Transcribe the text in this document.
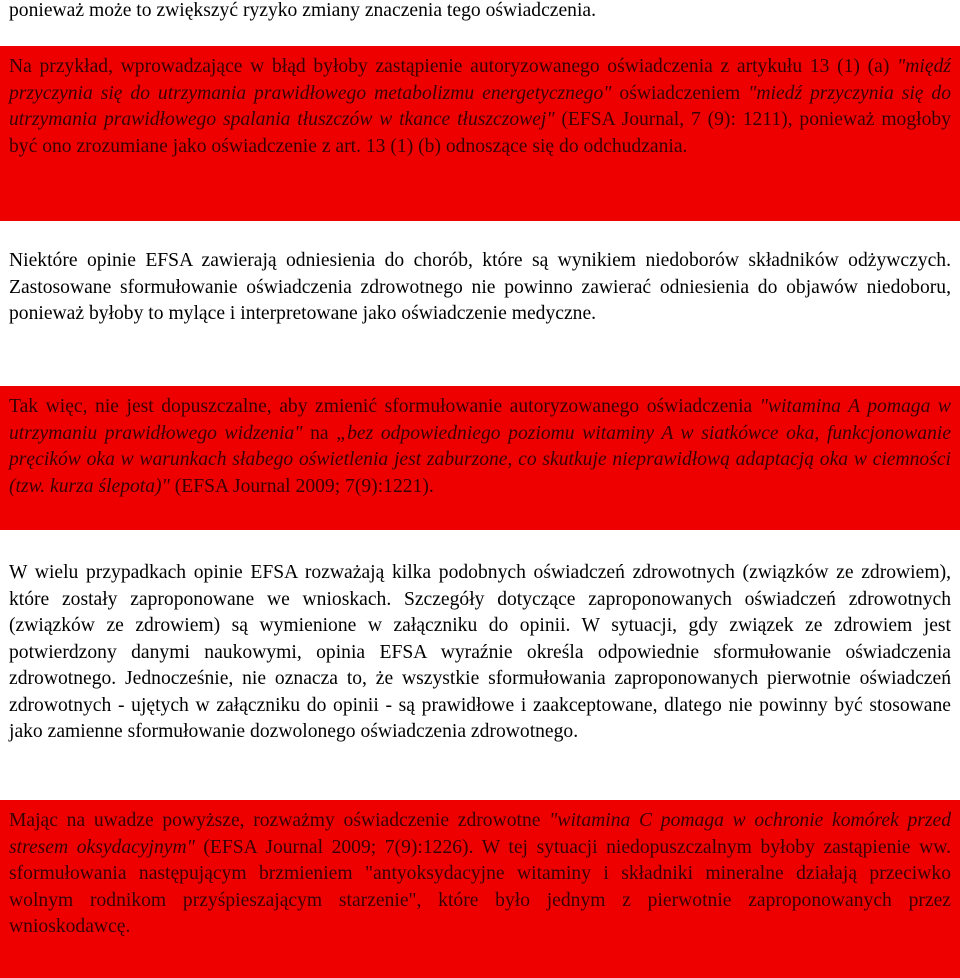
ponieważ może to zwiększyć ryzyko zmiany znaczenia tego oświadczenia.
Na przykład, wprowadzające w błąd byłoby zastąpienie autoryzowanego oświadczenia z artykułu 13 (1) (a) "międź przyczynia się do utrzymania prawidłowego metabolizmu energetycznego" oświadczeniem "miedź przyczynia się do utrzymania prawidłowego spalania tłuszczów w tkance tłuszczowej" (EFSA Journal, 7 (9): 1211), ponieważ mogłoby być ono zrozumiane jako oświadczenie z art. 13 (1) (b) odnoszące się do odchudzania.
Niektóre opinie EFSA zawierają odniesienia do chorób, które są wynikiem niedoborów składników odżywczych. Zastosowane sformułowanie oświadczenia zdrowotnego nie powinno zawierać odniesienia do objawów niedoboru, ponieważ byłoby to mylące i interpretowane jako oświadczenie medyczne.
Tak więc, nie jest dopuszczalne, aby zmienić sformułowanie autoryzowanego oświadczenia "witamina A pomaga w utrzymaniu prawidłowego widzenia" na „bez odpowiedniego poziomu witaminy A w siatkówce oka, funkcjonowanie pręcików oka w warunkach słabego oświetlenia jest zaburzone, co skutkuje nieprawidłową adaptacją oka w ciemności (tzw. kurza ślepota)" (EFSA Journal 2009; 7(9):1221).
W wielu przypadkach opinie EFSA rozważają kilka podobnych oświadczeń zdrowotnych (związków ze zdrowiem), które zostały zaproponowane we wnioskach. Szczegóły dotyczące zaproponowanych oświadczeń zdrowotnych (związków ze zdrowiem) są wymienione w załączniku do opinii. W sytuacji, gdy związek ze zdrowiem jest potwierdzony danymi naukowymi, opinia EFSA wyraźnie określa odpowiednie sformułowanie oświadczenia zdrowotnego. Jednocześnie, nie oznacza to, że wszystkie sformułowania zaproponowanych pierwotnie oświadczeń zdrowotnych - ujętych w załączniku do opinii - są prawidłowe i zaakceptowane, dlatego nie powinny być stosowane jako zamienne sformułowanie dozwolonego oświadczenia zdrowotnego.
Mając na uwadze powyższe, rozważmy oświadczenie zdrowotne "witamina C pomaga w ochronie komórek przed stresem oksydacyjnym" (EFSA Journal 2009; 7(9):1226). W tej sytuacji niedopuszczalnym byłoby zastąpienie ww. sformułowania następującym brzmieniem "antyoksydacyjne witaminy i składniki mineralne działają przeciwko wolnym rodnikom przyśpieszającym starzenie", które było jednym z pierwotnie zaproponowanych przez wnioskodawcę.
